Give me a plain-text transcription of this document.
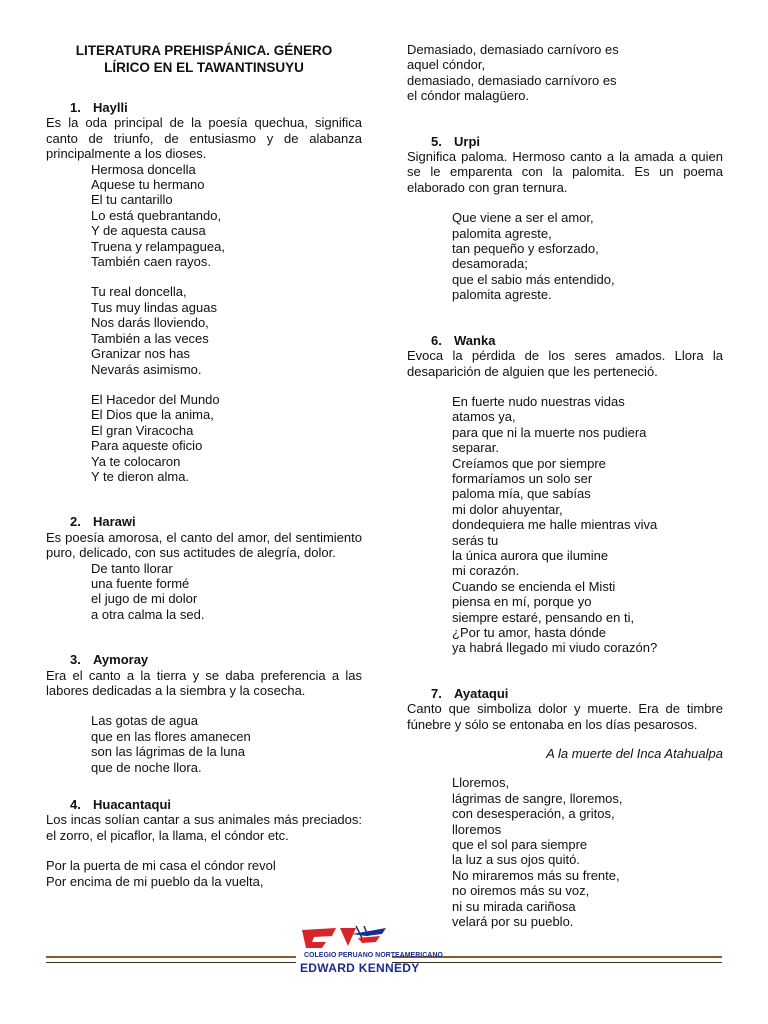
LITERATURA PREHISPÁNICA. GÉNERO LÍRICO EN EL TAWANTINSUYU
1. Haylli

Es la oda principal de la poesía quechua, significa canto de triunfo, de entusiasmo y de alabanza principalmente a los dioses.

Hermosa doncella
Aquese tu hermano
El tu cantarillo
Lo está quebrantando,
Y de aquesta causa
Truena y relampaguea,
También caen rayos.
Tu real doncella,
Tus muy lindas aguas
Nos darás lloviendo,
También a las veces
Granizar nos has
Nevarás asimismo.
El Hacedor del Mundo
El Dios que la anima,
El gran Viracocha
Para aqueste oficio
Ya te colocaron
Y te dieron alma.
2. Harawi

Es poesía amorosa, el canto del amor, del sentimiento puro, delicado, con sus actitudes de alegría, dolor.

De tanto llorar
una fuente formé
el jugo de mi dolor
a otra calma la sed.
3. Aymoray

Era el canto a la tierra y se daba preferencia a las labores dedicadas a la siembra y la cosecha.

Las gotas de agua
que en las flores amanecen
son las lágrimas de la luna
que de noche llora.
4. Huacantaqui

Los incas solían cantar a sus animales más preciados: el zorro, el picaflor, la llama, el cóndor etc.

Por la puerta de mi casa el cóndor revol

Por encima de mi pueblo da la vuelta,

Demasiado, demasiado carnívoro es

aquel cóndor,

demasiado, demasiado carnívoro es

el cóndor malagüero.

5. Urpi

Significa paloma. Hermoso canto a la amada a quien se le emparenta con la palomita. Es un poema elaborado con gran ternura.

Que viene a ser el amor,
palomita agreste,
tan pequeño y esforzado,
desamorada;
que el sabio más entendido,
palomita agreste.
6. Wanka

Evoca la pérdida de los seres amados. Llora la desaparición de alguien que les perteneció.

En fuerte nudo nuestras vidas
atamos ya,
para que ni la muerte nos pudiera
separar.
Creíamos que por siempre
formaríamos un solo ser
paloma mía, que sabías
mi dolor ahuyentar,
dondequiera me halle mientras viva
serás tu
la única aurora que ilumine
mi corazón.
Cuando se encienda el Misti
piensa en mí, porque yo
siempre estaré, pensando en ti,
¿Por tu amor, hasta dónde
ya habrá llegado mi viudo corazón?
7. Ayataqui

Canto que simboliza dolor y muerte. Era de timbre fúnebre y sólo se entonaba en los días pesarosos.

A la muerte del Inca Atahualpa

Lloremos,
lágrimas de sangre, lloremos,
con desesperación, a gritos,
lloremos
que el sol para siempre
la luz a sus ojos quitó.
No miraremos más su frente,
no oiremos más su voz,
ni su mirada cariñosa
velará por su pueblo.
COLEGIO PERUANO NORTEAMERICANO
EDWARD KENNEDY
